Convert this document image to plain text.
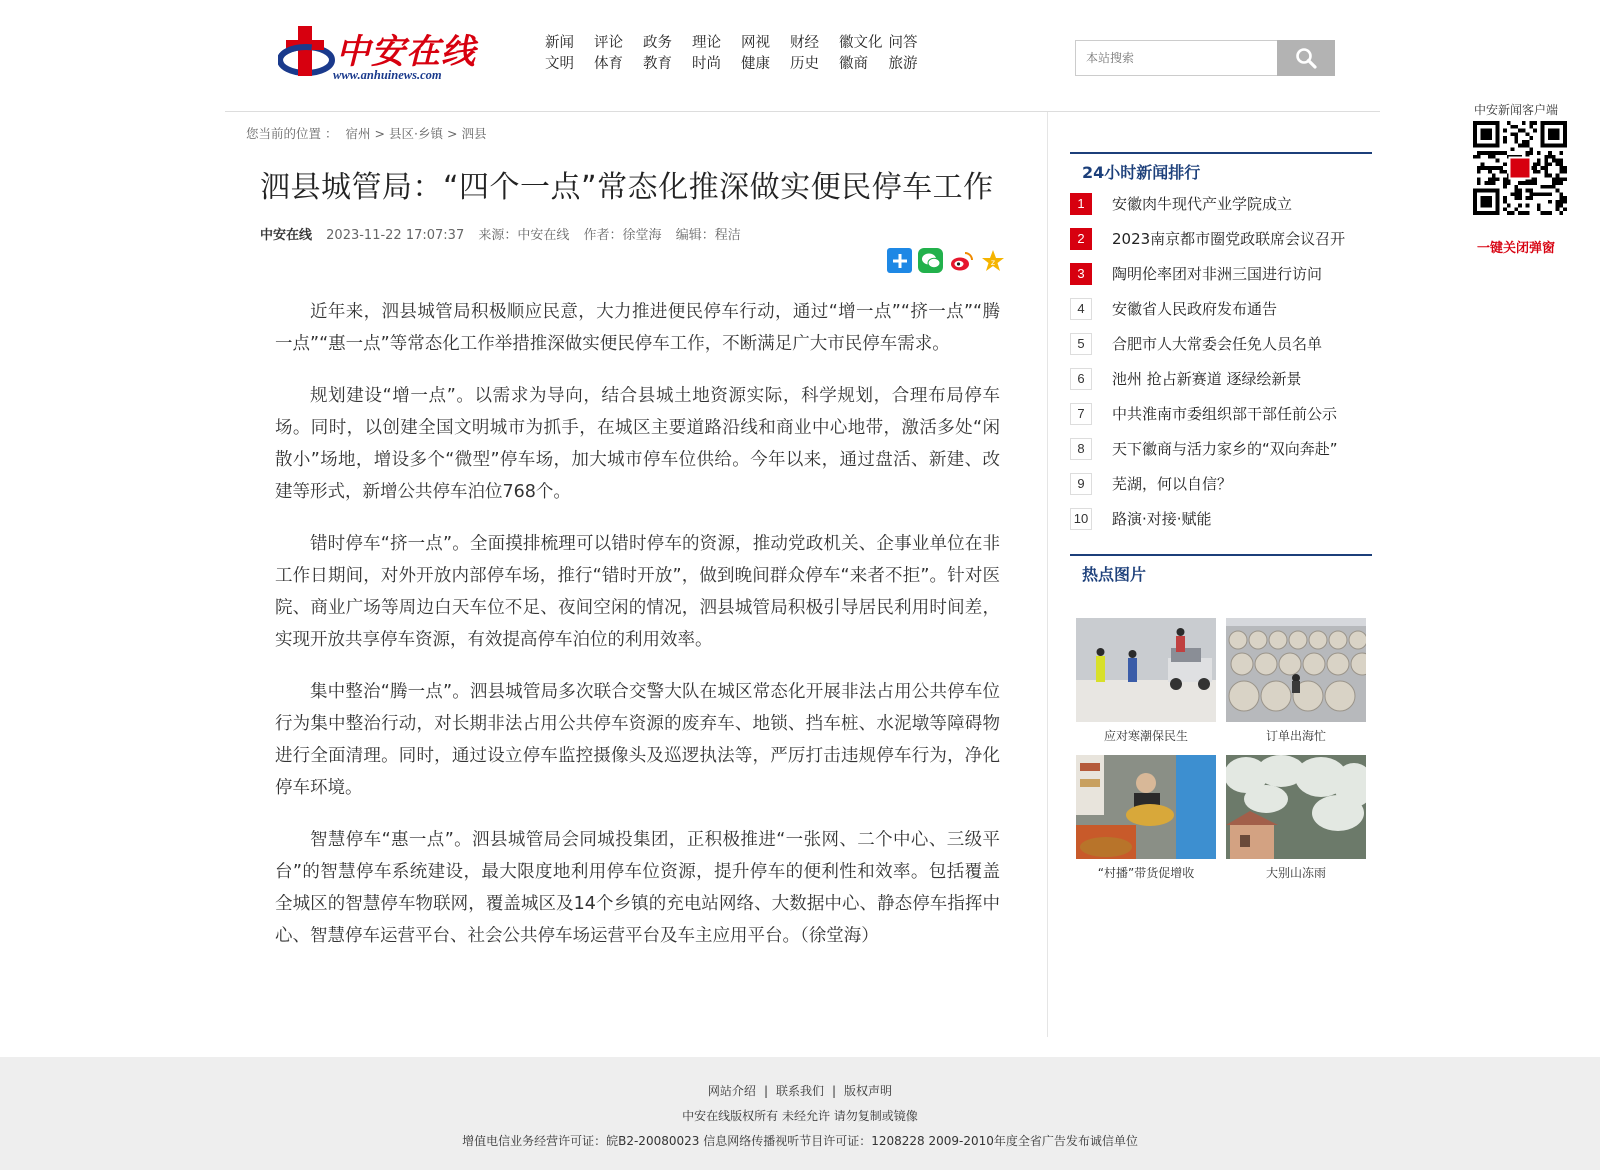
中安在线
www.anhuinews.com
新闻	评论	政务	理论	网视	财经	徽文化 问答
文明	体育	教育	时尚	健康	历史	徽商	旅游
本站搜索
您当前的位置 ： 宿州 > 县区·乡镇 > 泗县
泗县城管局：“四个一点”常态化推深做实便民停车工作
中安在线 2023-11-22 17:07:37 来源：中安在线 作者：徐堂海 编辑：程洁
z

近年来，泗县城管局积极顺应民意，大力推进便民停车行动，通过“增一点”“挤一点”“腾一点”“惠一点”等常态化工作举措推深做实便民停车工作，不断满足广大市民停车需求。

规划建设“增一点”。以需求为导向，结合县城土地资源实际，科学规划，合理布局停车场。同时，以创建全国文明城市为抓手，在城区主要道路沿线和商业中心地带，激活多处“闲散小”场地，增设多个“微型”停车场，加大城市停车位供给。今年以来，通过盘活、新建、改建等形式，新增公共停车泊位768个。

错时停车“挤一点”。全面摸排梳理可以错时停车的资源，推动党政机关、企事业单位在非工作日期间，对外开放内部停车场，推行“错时开放”，做到晚间群众停车“来者不拒”。针对医院、商业广场等周边白天车位不足、夜间空闲的情况，泗县城管局积极引导居民利用时间差，实现开放共享停车资源，有效提高停车泊位的利用效率。

集中整治“腾一点”。泗县城管局多次联合交警大队在城区常态化开展非法占用公共停车位行为集中整治行动，对长期非法占用公共停车资源的废弃车、地锁、挡车桩、水泥墩等障碍物进行全面清理。同时，通过设立停车监控摄像头及巡逻执法等，严厉打击违规停车行为，净化停车环境。

智慧停车“惠一点”。泗县城管局会同城投集团，正积极推进“一张网、二个中心、三级平台”的智慧停车系统建设，最大限度地利用停车位资源，提升停车的便利性和效率。包括覆盖全城区的智慧停车物联网，覆盖城区及14个乡镇的充电站网络、大数据中心、静态停车指挥中心、智慧停车运营平台、社会公共停车场运营平台及车主应用平台。（徐堂海）

24小时新闻排行
1	安徽肉牛现代产业学院成立
2	2023南京都市圈党政联席会议召开
3	陶明伦率团对非洲三国进行访问
4	安徽省人民政府发布通告
5	合肥市人大常委会任免人员名单
6	池州 抢占新赛道 逐绿绘新景
7	中共淮南市委组织部干部任前公示
8	天下徽商与活力家乡的“双向奔赴”
9	芜湖，何以自信？
10 路演·对接·赋能
热点图片
应对寒潮保民生	订单出海忙
“村播”带货促增收	大别山冻雨
中安新闻客户端
一键关闭弹窗
网站介绍 | 联系我们 | 版权声明
中安在线版权所有 未经允许 请勿复制或镜像
增值电信业务经营许可证：皖B2-20080023 信息网络传播视听节目许可证：1208228 2009-2010年度全省广告发布诚信单位
